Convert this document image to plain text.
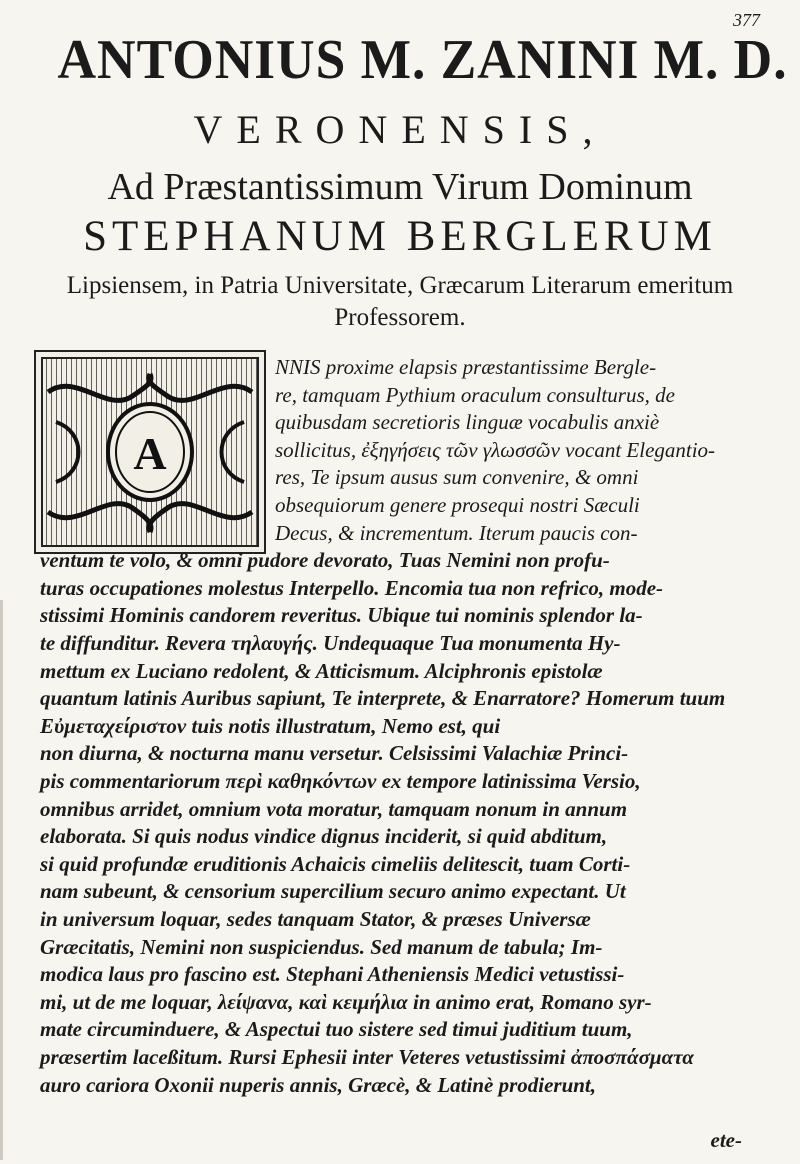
377
ANTONIUS M. ZANINI M. D.
VERONENSIS,
Ad Præstantissimum Virum Dominum
STEPHANUM BERGLERUM
Lipsiensem, in Patria Universitate, Græcarum Literarum emeritum Professorem.
A
NNIS proxime elapsis præstantissime Bergle-
re, tamquam Pythium oraculum consulturus, de
quibusdam secretioris linguæ vocabulis anxiè
sollicitus, ἐξηγήσεις τῶν γλωσσῶν vocant Elegantio-
res, Te ipsum ausus sum convenire, & omni
obsequiorum genere prosequi nostri Sæculi
Decus, & incrementum. Iterum paucis con-
ventum te volo, & omni pudore devorato, Tuas Nemini non profu-
turas occupationes molestus Interpello. Encomia tua non refrico, mode-
stissimi Hominis candorem reveritus. Ubique tui nominis splendor la-
te diffunditur. Revera τηλαυγής. Undequaque Tua monumenta Hy-
mettum ex Luciano redolent, & Atticismum. Alciphronis epistolæ
quantum latinis Auribus sapiunt, Te interprete, & Enarratore? Homerum tuum
Εὐμεταχείριστον tuis notis illustratum, Nemo est, qui
non diurna, & nocturna manu versetur. Celsissimi Valachiæ Princi-
pis commentariorum περὶ καθηκόντων ex tempore latinissima Versio,
omnibus arridet, omnium vota moratur, tamquam nonum in annum
elaborata. Si quis nodus vindice dignus inciderit, si quid abditum,
si quid profundæ eruditionis Achaicis cimeliis delitescit, tuam Corti-
nam subeunt, & censorium supercilium securo animo expectant. Ut
in universum loquar, sedes tanquam Stator, & præses Universæ
Græcitatis, Nemini non suspiciendus. Sed manum de tabula; Im-
modica laus pro fascino est. Stephani Atheniensis Medici vetustissi-
mi, ut de me loquar, λείψανα, καὶ κειμήλια in animo erat, Romano syr-
mate circuminduere, & Aspectui tuo sistere sed timui juditium tuum,
præsertim laceßitum. Rursi Ephesii inter Veteres vetustissimi ἀποσπάσματα
auro cariora Oxonii nuperis annis, Græcè, & Latinè prodierunt,
ete-
